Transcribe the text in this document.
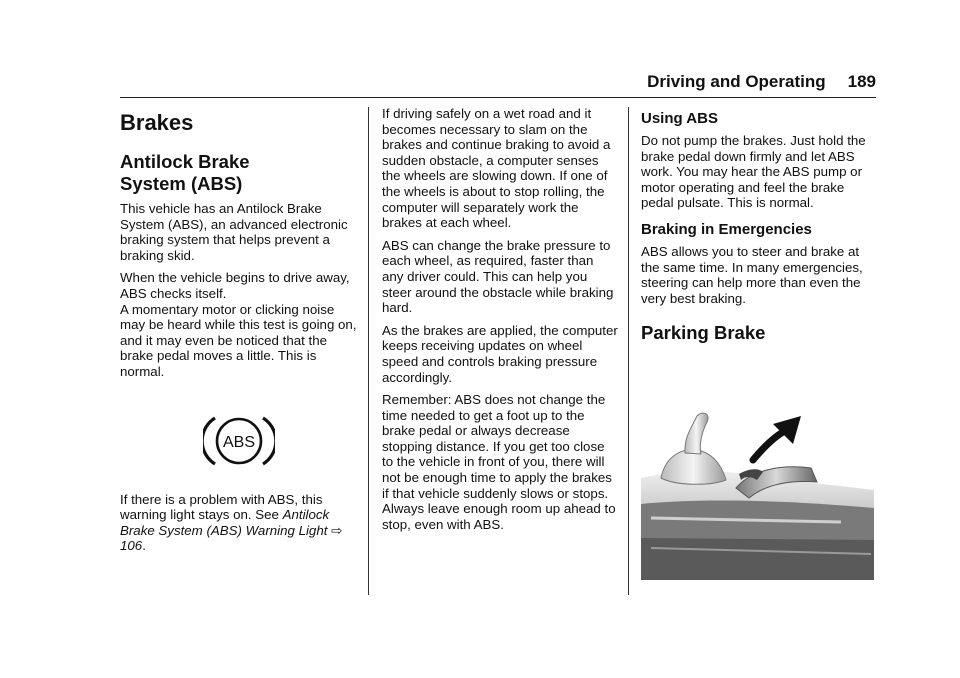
Driving and Operating 189
Brakes
Antilock Brake
System (ABS)

This vehicle has an Antilock Brake System (ABS), an advanced electronic braking system that helps prevent a braking skid.

When the vehicle begins to drive away, ABS checks itself.
A momentary motor or clicking noise may be heard while this test is going on, and it may even be noticed that the brake pedal moves a little. This is normal.

ABS

If there is a problem with ABS, this warning light stays on. See Antilock Brake System (ABS) Warning Light ⇨ 106.

If driving safely on a wet road and it becomes necessary to slam on the brakes and continue braking to avoid a sudden obstacle, a computer senses the wheels are slowing down. If one of the wheels is about to stop rolling, the computer will separately work the brakes at each wheel.

ABS can change the brake pressure to each wheel, as required, faster than any driver could. This can help you steer around the obstacle while braking hard.

As the brakes are applied, the computer keeps receiving updates on wheel speed and controls braking pressure accordingly.

Remember: ABS does not change the time needed to get a foot up to the brake pedal or always decrease stopping distance. If you get too close to the vehicle in front of you, there will not be enough time to apply the brakes if that vehicle suddenly slows or stops. Always leave enough room up ahead to stop, even with ABS.

Using ABS

Do not pump the brakes. Just hold the brake pedal down firmly and let ABS work. You may hear the ABS pump or motor operating and feel the brake pedal pulsate. This is normal.

Braking in Emergencies

ABS allows you to steer and brake at the same time. In many emergencies, steering can help more than even the very best braking.

Parking Brake
